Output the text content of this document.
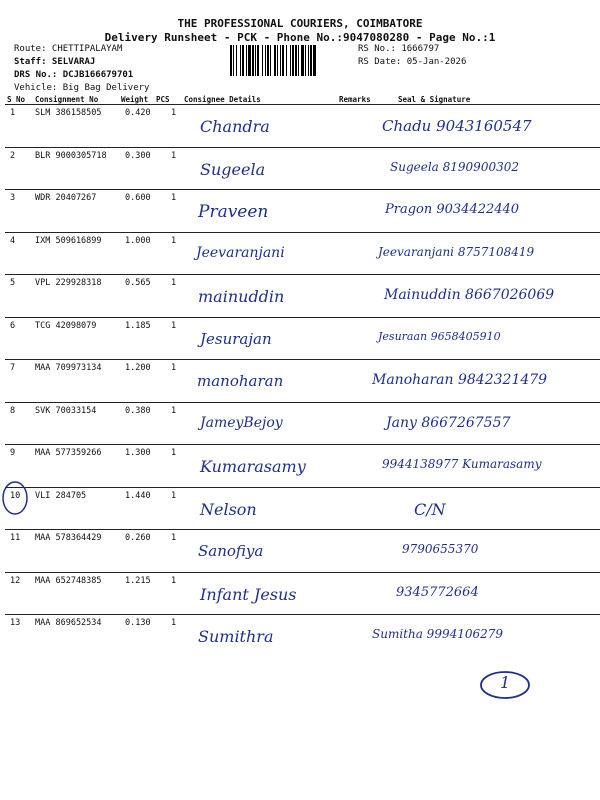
THE PROFESSIONAL COURIERS, COIMBATORE
Delivery Runsheet - PCK - Phone No.:9047080280 - Page No.:1
Route: CHETTIPALAYAM
Staff: SELVARAJ
DRS No.: DCJB166679701
Vehicle: Big Bag Delivery
RS No.: 1666797
RS Date: 05-Jan-2026
S No Consignment No	Weight PCS Consignee Details	Remarks	Seal & Signature
1 SLM 386158505	0.420 1
Chandra	Chadu 9043160547
2 BLR 9000305718 0.300 1
Sugeela	Sugeela 8190900302
3 WDR 20407267	0.600 1
Praveen	Pragon 9034422440
4 IXM 509616899	1.000 1
Jeevaranjani	Jeevaranjani 8757108419
5 VPL 229928318	0.565 1
mainuddin	Mainuddin 8667026069
6 TCG 42098079	1.185 1
Jesurajan	Jesuraan 9658405910
7 MAA 709973134	1.200 1
manoharan	Manoharan 9842321479
8 SVK 70033154	0.380 1
JameyBejoy	Jany 8667267557
9 MAA 577359266	1.300 1
Kumarasamy	9944138977 Kumarasamy
10 VLI 284705	1.440 1
Nelson	C/N
11 MAA 578364429	0.260 1
Sanofiya	9790655370
12 MAA 652748385	1.215 1
Infant Jesus	9345772664
13 MAA 869652534	0.130 1
Sumithra	Sumitha 9994106279
1
